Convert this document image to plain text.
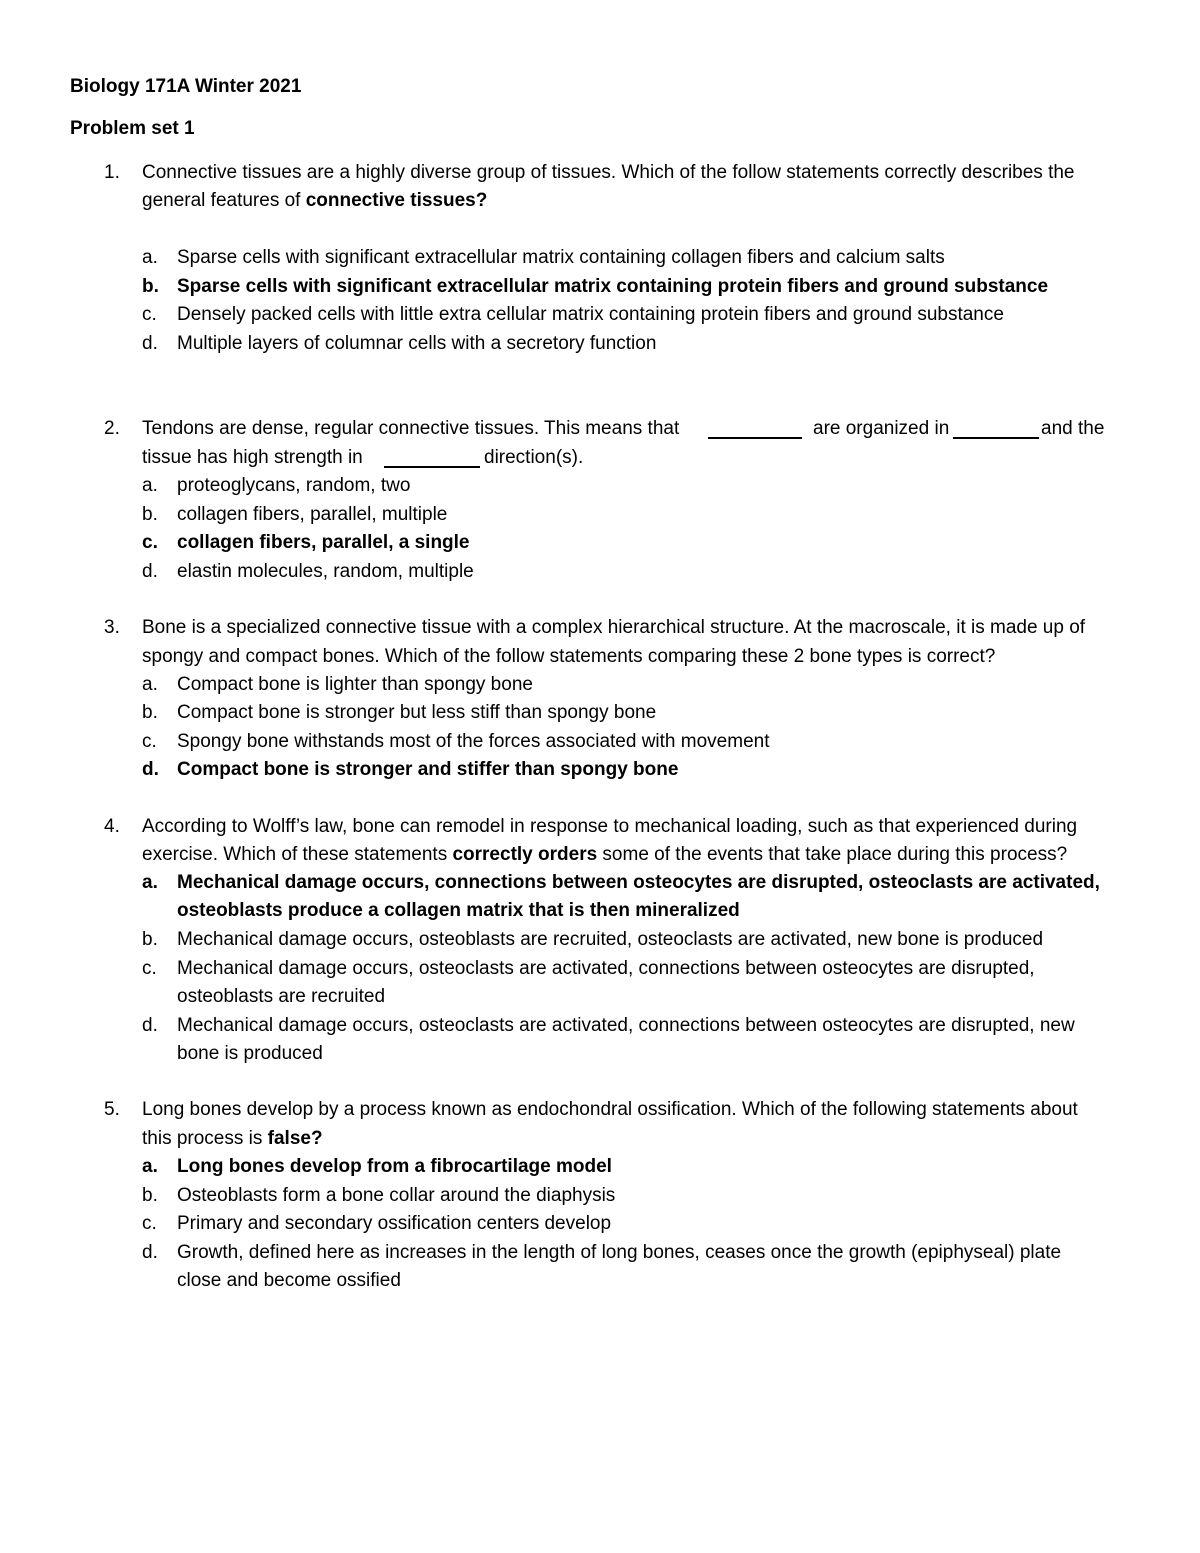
Biology 171A Winter 2021
Problem set 1
1. Connective tissues are a highly diverse group of tissues. Which of the follow statements correctly describes the
general features of connective tissues?
a. Sparse cells with significant extracellular matrix containing collagen fibers and calcium salts
b. Sparse cells with significant extracellular matrix containing protein fibers and ground substance
c. Densely packed cells with little extra cellular matrix containing protein fibers and ground substance
d. Multiple layers of columnar cells with a secretory function
2. Tendons are dense, regular connective tissues. This means that	are organized in	and the
tissue has high strength in	direction(s).
a. proteoglycans, random, two
b. collagen fibers, parallel, multiple
c. collagen fibers, parallel, a single
d. elastin molecules, random, multiple
3. Bone is a specialized connective tissue with a complex hierarchical structure. At the macroscale, it is made up of
spongy and compact bones. Which of the follow statements comparing these 2 bone types is correct?
a. Compact bone is lighter than spongy bone
b. Compact bone is stronger but less stiff than spongy bone
c. Spongy bone withstands most of the forces associated with movement
d. Compact bone is stronger and stiffer than spongy bone
4. According to Wolff’s law, bone can remodel in response to mechanical loading, such as that experienced during
exercise. Which of these statements correctly orders some of the events that take place during this process?
a. Mechanical damage occurs, connections between osteocytes are disrupted, osteoclasts are activated,
osteoblasts produce a collagen matrix that is then mineralized
b. Mechanical damage occurs, osteoblasts are recruited, osteoclasts are activated, new bone is produced
c. Mechanical damage occurs, osteoclasts are activated, connections between osteocytes are disrupted,
osteoblasts are recruited
d. Mechanical damage occurs, osteoclasts are activated, connections between osteocytes are disrupted, new
bone is produced
5. Long bones develop by a process known as endochondral ossification. Which of the following statements about
this process is false?
a. Long bones develop from a fibrocartilage model
b. Osteoblasts form a bone collar around the diaphysis
c. Primary and secondary ossification centers develop
d. Growth, defined here as increases in the length of long bones, ceases once the growth (epiphyseal) plate
close and become ossified
